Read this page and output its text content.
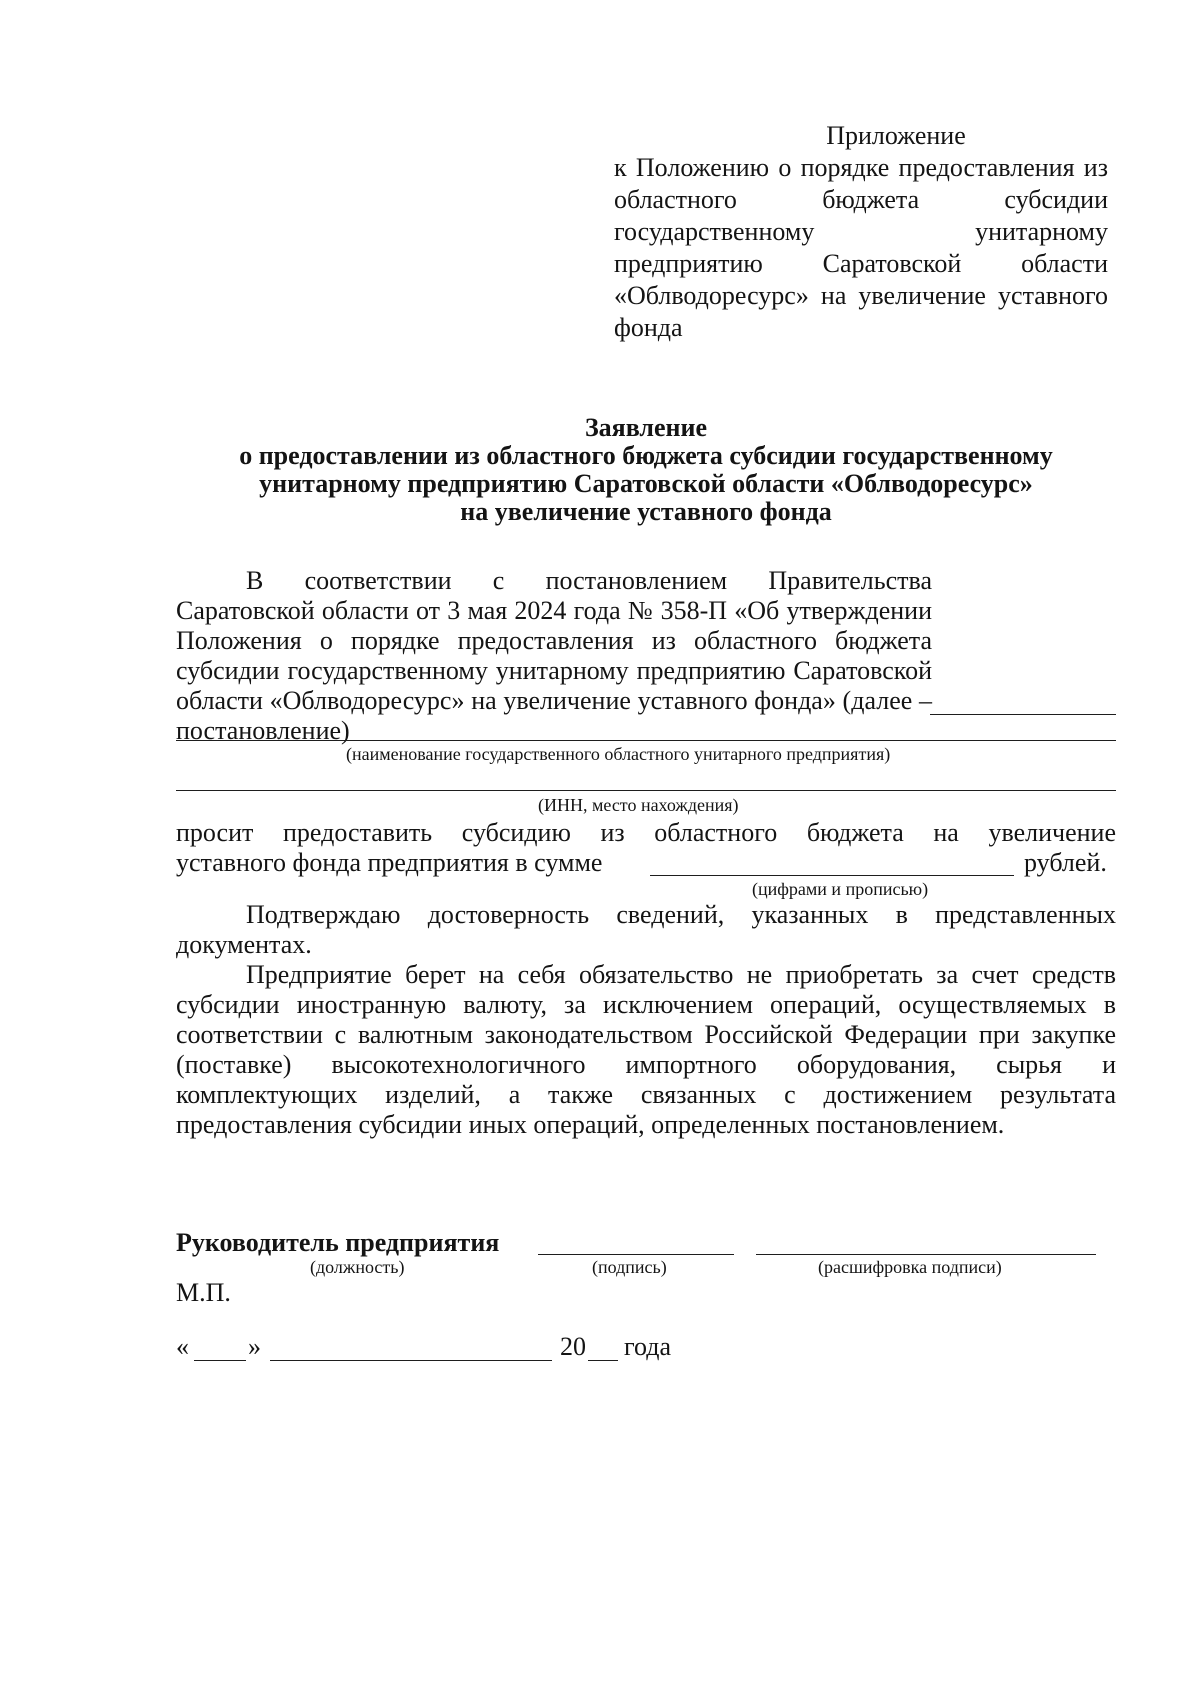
Приложение

к Положению о порядке предоставления из областного бюджета субсидии государственному унитарному предприятию Саратовской области «Облводоресурс» на увеличение уставного фонда

Заявление

о предоставлении из областного бюджета субсидии государственному

унитарному предприятию Саратовской области «Облводоресурс»

на увеличение уставного фонда

В соответствии с постановлением Правительства Саратовской области от 3 мая 2024 года № 358-П «Об утверждении Положения о порядке предоставления из областного бюджета субсидии государственному унитарному предприятию Саратовской области «Облводоресурс» на увеличение уставного фонда» (далее – постановление)

(наименование государственного областного унитарного предприятия)
(ИНН, место нахождения)

просит предоставить субсидию из областного бюджета на увеличение

уставного фонда предприятия в сумме	рублей.

(цифрами и прописью)

Подтверждаю достоверность сведений, указанных в представленных документах.

Предприятие берет на себя обязательство не приобретать за счет средств субсидии иностранную валюту, за исключением операций, осуществляемых в соответствии с валютным законодательством Российской Федерации при закупке (поставке) высокотехнологичного импортного оборудования, сырья и комплектующих изделий, а также связанных с достижением результата предоставления субсидии иных операций, определенных постановлением.

Руководитель предприятия

(должность)	(подпись)	(расшифровка подписи)

М.П.

« »	20 года
